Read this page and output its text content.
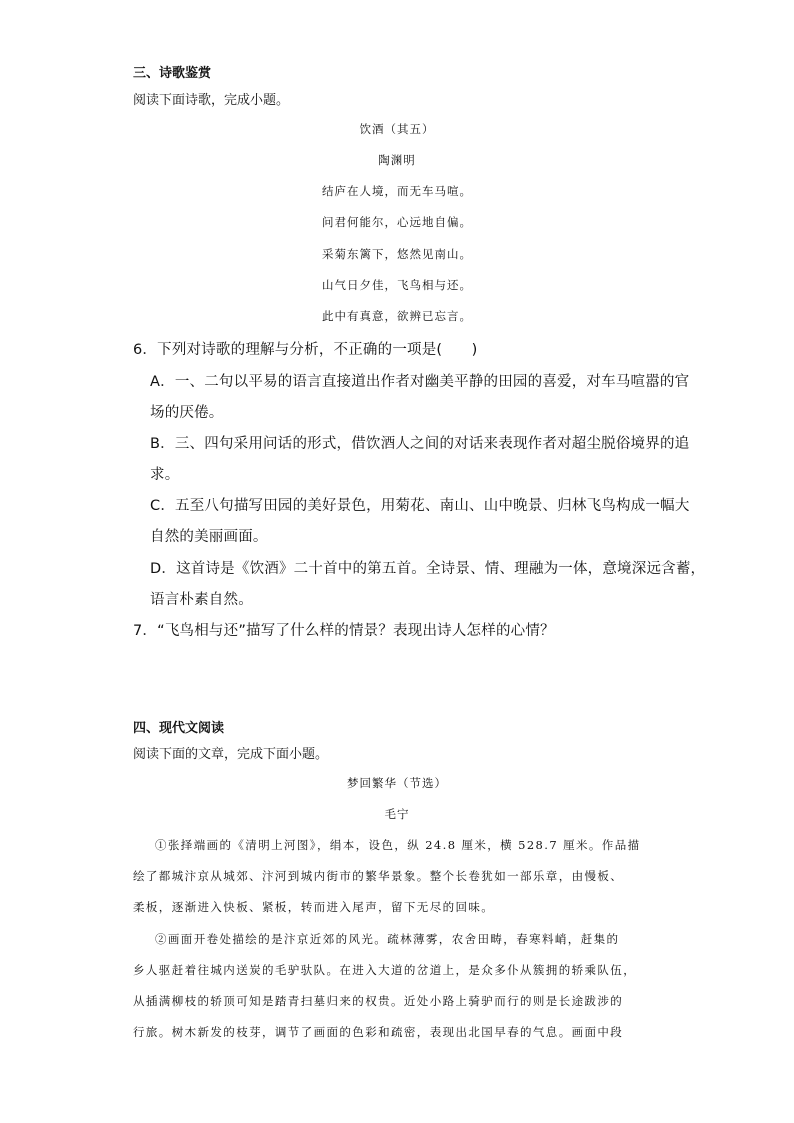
三、诗歌鉴赏
阅读下面诗歌，完成小题。
饮酒（其五）
陶渊明
结庐在人境，而无车马喧。
问君何能尔，心远地自偏。
采菊东篱下，悠然见南山。
山气日夕佳，飞鸟相与还。
此中有真意，欲辨已忘言。
6．下列对诗歌的理解与分析，不正确的一项是(　　)
A．一、二句以平易的语言直接道出作者对幽美平静的田园的喜爱，对车马喧嚣的官
场的厌倦。
B．三、四句采用问话的形式，借饮酒人之间的对话来表现作者对超尘脱俗境界的追
求。
C．五至八句描写田园的美好景色，用菊花、南山、山中晚景、归林飞鸟构成一幅大
自然的美丽画面。
D．这首诗是《饮酒》二十首中的第五首。全诗景、情、理融为一体，意境深远含蓄，
语言朴素自然。
7．“飞鸟相与还”描写了什么样的情景？表现出诗人怎样的心情？
四、现代文阅读
阅读下面的文章，完成下面小题。
梦回繁华（节选）
毛宁
①张择端画的《清明上河图》，绢本，设色，纵 24.8 厘米，横 528.7 厘米。作品描
绘了都城汴京从城郊、汴河到城内街市的繁华景象。整个长卷犹如一部乐章，由慢板、
柔板，逐渐进入快板、紧板，转而进入尾声，留下无尽的回味。
②画面开卷处描绘的是汴京近郊的风光。疏林薄雾，农舍田畴，春寒料峭，赶集的
乡人驱赶着往城内送炭的毛驴驮队。在进入大道的岔道上，是众多仆从簇拥的轿乘队伍，
从插满柳枝的轿顶可知是踏青扫墓归来的权贵。近处小路上骑驴而行的则是长途跋涉的
行旅。树木新发的枝芽，调节了画面的色彩和疏密，表现出北国早春的气息。画面中段
